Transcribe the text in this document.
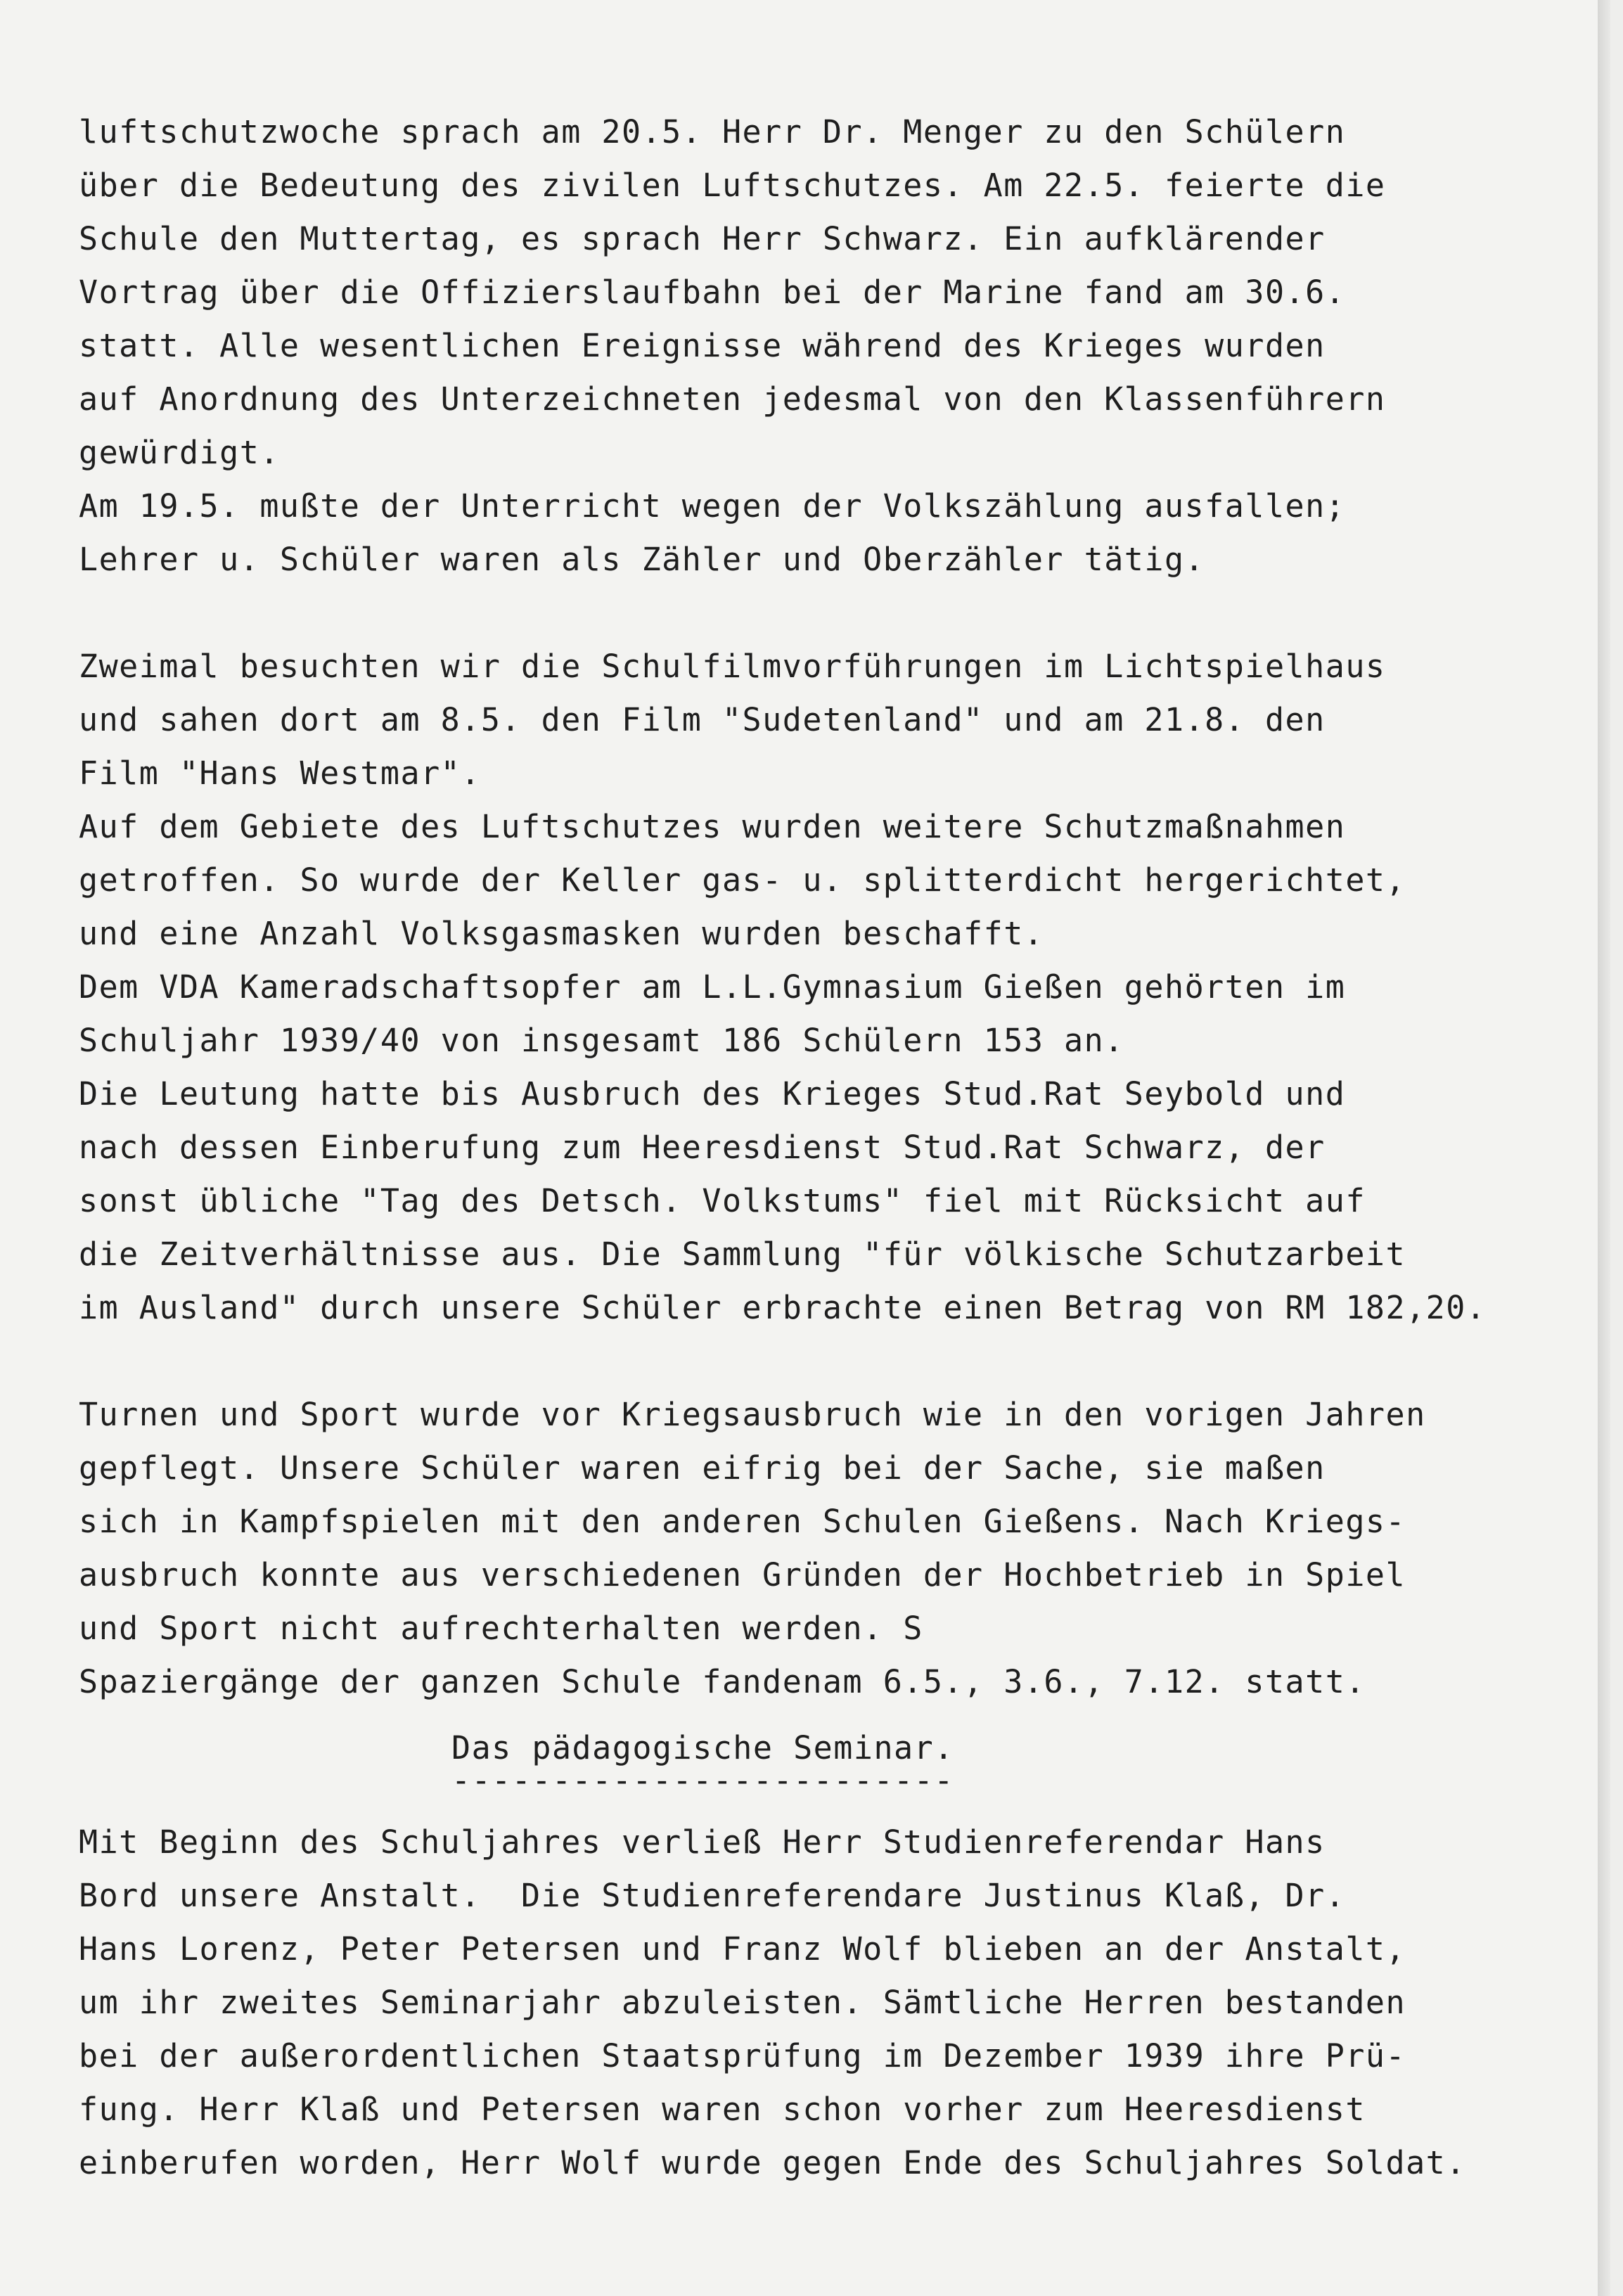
luftschutzwoche sprach am 20.5. Herr Dr. Menger zu den Schülern
über die Bedeutung des zivilen Luftschutzes. Am 22.5. feierte die
Schule den Muttertag, es sprach Herr Schwarz. Ein aufklärender
Vortrag über die Offizierslaufbahn bei der Marine fand am 30.6.
statt. Alle wesentlichen Ereignisse während des Krieges wurden
auf Anordnung des Unterzeichneten jedesmal von den Klassenführern
gewürdigt.
Am 19.5. mußte der Unterricht wegen der Volkszählung ausfallen;
Lehrer u. Schüler waren als Zähler und Oberzähler tätig.
Zweimal besuchten wir die Schulfilmvorführungen im Lichtspielhaus
und sahen dort am 8.5. den Film "Sudetenland" und am 21.8. den
Film "Hans Westmar".
Auf dem Gebiete des Luftschutzes wurden weitere Schutzmaßnahmen
getroffen. So wurde der Keller gas- u. splitterdicht hergerichtet,
und eine Anzahl Volksgasmasken wurden beschafft.
Dem VDA Kameradschaftsopfer am L.L.Gymnasium Gießen gehörten im
Schuljahr 1939/40 von insgesamt 186 Schülern 153 an.
Die Leutung hatte bis Ausbruch des Krieges Stud.Rat Seybold und
nach dessen Einberufung zum Heeresdienst Stud.Rat Schwarz, der
sonst übliche "Tag des Detsch. Volkstums" fiel mit Rücksicht auf
die Zeitverhältnisse aus. Die Sammlung "für völkische Schutzarbeit
im Ausland" durch unsere Schüler erbrachte einen Betrag von RM 182,20.
Turnen und Sport wurde vor Kriegsausbruch wie in den vorigen Jahren
gepflegt. Unsere Schüler waren eifrig bei der Sache, sie maßen
sich in Kampfspielen mit den anderen Schulen Gießens. Nach Kriegs-
ausbruch konnte aus verschiedenen Gründen der Hochbetrieb in Spiel
und Sport nicht aufrechterhalten werden. S
Spaziergänge der ganzen Schule fandenam 6.5., 3.6., 7.12. statt.
Das pädagogische Seminar.
-------------------------
Mit Beginn des Schuljahres verließ Herr Studienreferendar Hans
Bord unsere Anstalt.  Die Studienreferendare Justinus Klaß, Dr.
Hans Lorenz, Peter Petersen und Franz Wolf blieben an der Anstalt,
um ihr zweites Seminarjahr abzuleisten. Sämtliche Herren bestanden
bei der außerordentlichen Staatsprüfung im Dezember 1939 ihre Prü-
fung. Herr Klaß und Petersen waren schon vorher zum Heeresdienst
einberufen worden, Herr Wolf wurde gegen Ende des Schuljahres Soldat.
